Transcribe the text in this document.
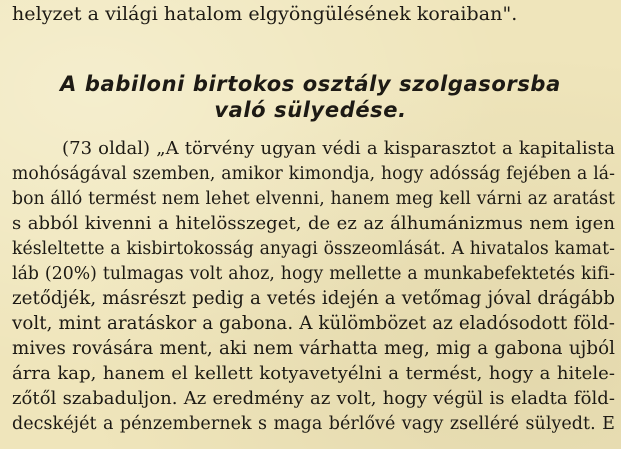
helyzet a világi hatalom elgyöngülésének koraiban".
A babiloni birtokos osztály szolgasorsba
való sülyedése.
(73 oldal) „A törvény ugyan védi a kisparasztot a kapitalista
mohóságával szemben, amikor kimondja, hogy adósság fejében a lá-
bon álló termést nem lehet elvenni, hanem meg kell várni az aratást
s abból kivenni a hitelösszeget, de ez az álhumánizmus nem igen
késleltette a kisbirtokosság anyagi összeomlását. A hivatalos kamat-
láb (20%) tulmagas volt ahoz, hogy mellette a munkabefektetés kifi-
zetődjék, másrészt pedig a vetés idején a vetőmag jóval drágább
volt, mint aratáskor a gabona. A külömbözet az eladósodott föld-
mives rovására ment, aki nem várhatta meg, mig a gabona ujból
árra kap, hanem el kellett kotyavetyélni a termést, hogy a hitele-
zőtől szabaduljon. Az eredmény az volt, hogy végül is eladta föld-
decskéjét a pénzembernek s maga bérlővé vagy zselléré sülyedt. E
